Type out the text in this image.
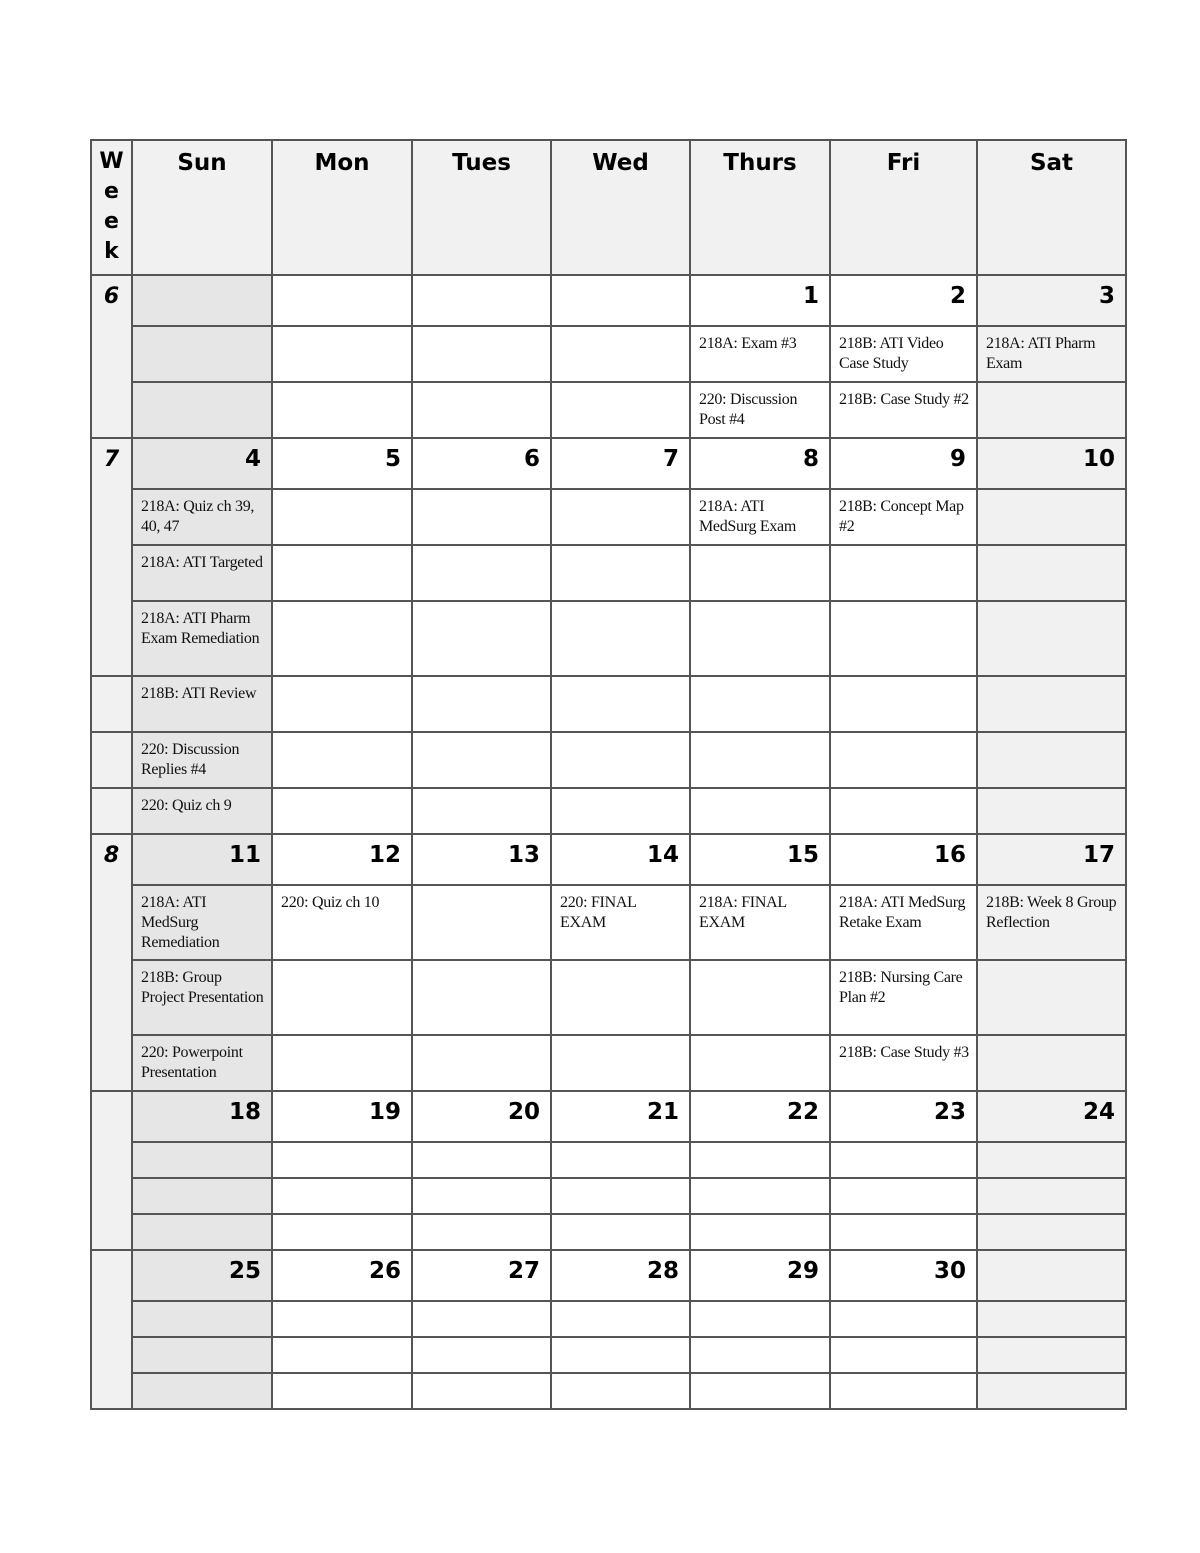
W
e
e
k	Sun	Mon	Tues	Wed	Thurs	Fri	Sat
6					1	2	3
					218A: Exam #3	218B: ATI Video Case Study	218A: ATI Pharm Exam
					220: Discussion Post #4	218B: Case Study #2	
7	4	5	6	7	8	9	10
	218A: Quiz ch 39, 40, 47				218A: ATI MedSurg Exam	218B: Concept Map #2	
	218A: ATI Targeted						
	218A: ATI Pharm Exam Remediation						
	218B: ATI Review						
	220: Discussion Replies #4						
	220: Quiz ch 9						
8	11	12	13	14	15	16	17
	218A: ATI MedSurg Remediation	220: Quiz ch 10		220: FINAL EXAM	218A: FINAL EXAM	218A: ATI MedSurg Retake Exam	218B: Week 8 Group Reflection
	218B: Group Project Presentation					218B: Nursing Care Plan #2	
	220: Powerpoint Presentation					218B: Case Study #3	
	18	19	20	21	22	23	24

	25	26	27	28	29	30	
